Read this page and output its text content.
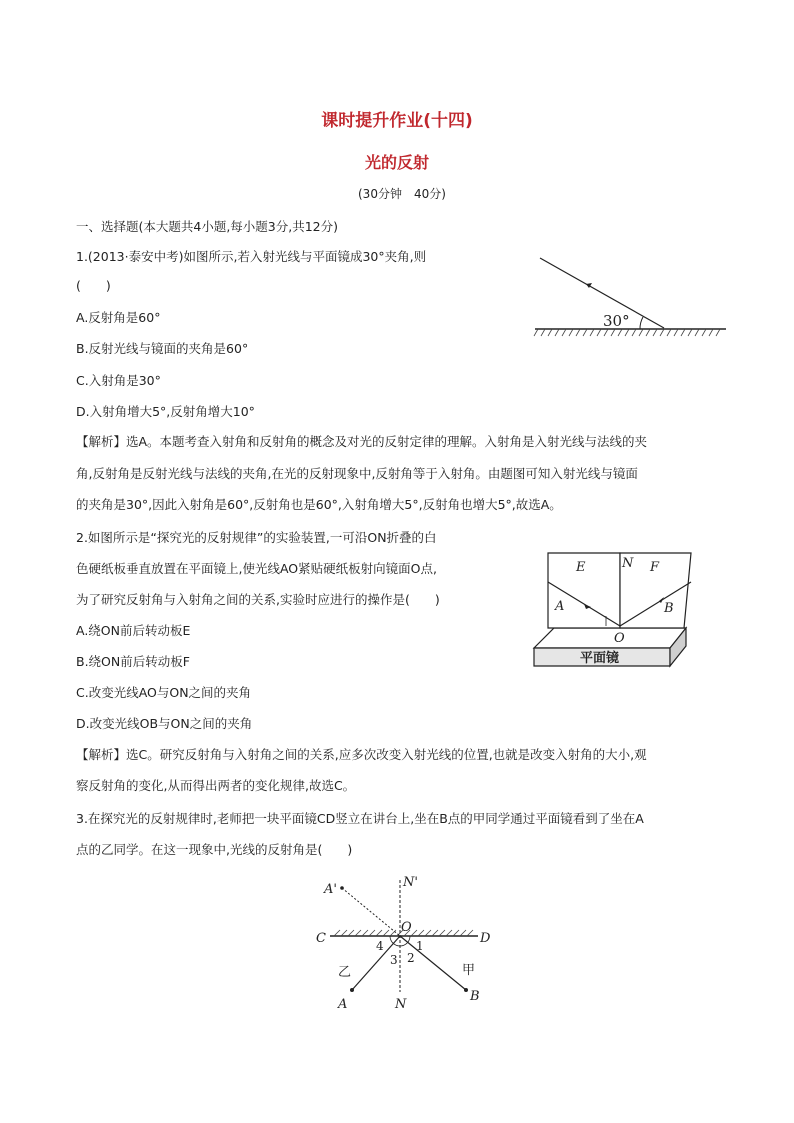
课时提升作业(十四)
光的反射
(30分钟　40分)
一、选择题(本大题共4小题,每小题3分,共12分)
1.(2013·泰安中考)如图所示,若入射光线与平面镜成30°夹角,则
(　　)
A.反射角是60°
B.反射光线与镜面的夹角是60°
C.入射角是30°
D.入射角增大5°,反射角增大10°
【解析】选A。本题考查入射角和反射角的概念及对光的反射定律的理解。入射角是入射光线与法线的夹
角,反射角是反射光线与法线的夹角,在光的反射现象中,反射角等于入射角。由题图可知入射光线与镜面
的夹角是30°,因此入射角是60°,反射角也是60°,入射角增大5°,反射角也增大5°,故选A。
30°
2.如图所示是“探究光的反射规律”的实验装置,一可沿ON折叠的白
色硬纸板垂直放置在平面镜上,使光线AO紧贴硬纸板射向镜面O点,
为了研究反射角与入射角之间的关系,实验时应进行的操作是(　　)
A.绕ON前后转动板E
B.绕ON前后转动板F
C.改变光线AO与ON之间的夹角
D.改变光线OB与ON之间的夹角
【解析】选C。研究反射角与入射角之间的关系,应多次改变入射光线的位置,也就是改变入射角的大小,观
察反射角的变化,从而得出两者的变化规律,故选C。
E	N F
A	B
O
平面镜
3.在探究光的反射规律时,老师把一块平面镜CD竖立在讲台上,坐在B点的甲同学通过平面镜看到了坐在A
点的乙同学。在这一现象中,光线的反射角是(　　)
A'	N'
C
O
D
4	1
3 2
乙	甲
A	N
B
